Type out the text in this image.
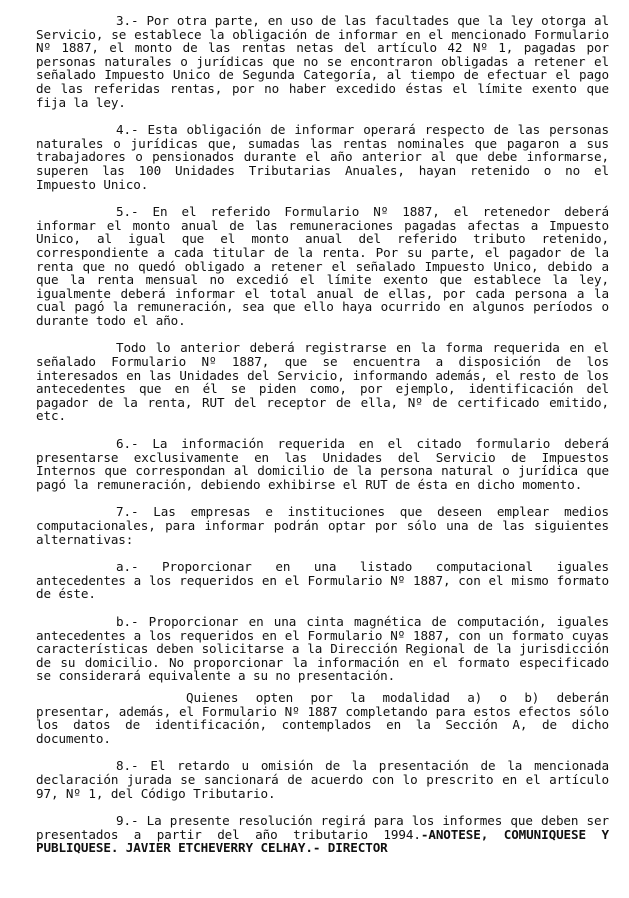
3.- Por otra parte, en uso de las facultades que la ley otorga al Servicio, se establece la obligación de informar en el mencionado Formulario Nº 1887, el monto de las rentas netas del artículo 42 Nº 1, pagadas por personas naturales o jurídicas que no se encontraron obligadas a retener el señalado Impuesto Unico de Segunda Categoría, al tiempo de efectuar el pago de las referidas rentas, por no haber excedido éstas el límite exento que fija la ley.

4.- Esta obligación de informar operará respecto de las personas naturales o jurídicas que, sumadas las rentas nominales que pagaron a sus trabajadores o pensionados durante el año anterior al que debe informarse, superen las 100 Unidades Tributarias Anuales, hayan retenido o no el Impuesto Unico.

5.- En el referido Formulario Nº 1887, el retenedor deberá informar el monto anual de las remuneraciones pagadas afectas a Impuesto Unico, al igual que el monto anual del referido tributo retenido, correspondiente a cada titular de la renta. Por su parte, el pagador de la renta que no quedó obligado a retener el señalado Impuesto Unico, debido a que la renta mensual no excedió el límite exento que establece la ley, igualmente deberá informar el total anual de ellas, por cada persona a la cual pagó la remuneración, sea que ello haya ocurrido en algunos períodos o durante todo el año.

Todo lo anterior deberá registrarse en la forma requerida en el señalado Formulario Nº 1887, que se encuentra a disposición de los interesados en las Unidades del Servicio, informando además, el resto de los antecedentes que en él se piden como, por ejemplo, identificación del pagador de la renta, RUT del receptor de ella, Nº de certificado emitido, etc.

6.- La información requerida en el citado formulario deberá presentarse exclusivamente en las Unidades del Servicio de Impuestos Internos que correspondan al domicilio de la persona natural o jurídica que pagó la remuneración, debiendo exhibirse el RUT de ésta en dicho momento.

7.- Las empresas e instituciones que deseen emplear medios computacionales, para informar podrán optar por sólo una de las siguientes alternativas:

a.- Proporcionar en una listado computacional iguales antecedentes a los requeridos en el Formulario Nº 1887, con el mismo formato de éste.

b.- Proporcionar en una cinta magnética de computación, iguales antecedentes a los requeridos en el Formulario Nº 1887, con un formato cuyas características deben solicitarse a la Dirección Regional de la jurisdicción de su domicilio. No proporcionar la información en el formato especificado se considerará equivalente a su no presentación.

Quienes opten por la modalidad a) o b) deberán presentar, además, el Formulario Nº 1887 completando para estos efectos sólo los datos de identificación, contemplados en la Sección A, de dicho documento.

8.- El retardo u omisión de la presentación de la mencionada declaración jurada se sancionará de acuerdo con lo prescrito en el artículo 97, Nº 1, del Código Tributario.

9.- La presente resolución regirá para los informes que deben ser presentados a partir del año tributario 1994.-ANOTESE, COMUNIQUESE Y PUBLIQUESE. JAVIER ETCHEVERRY CELHAY.- DIRECTOR
